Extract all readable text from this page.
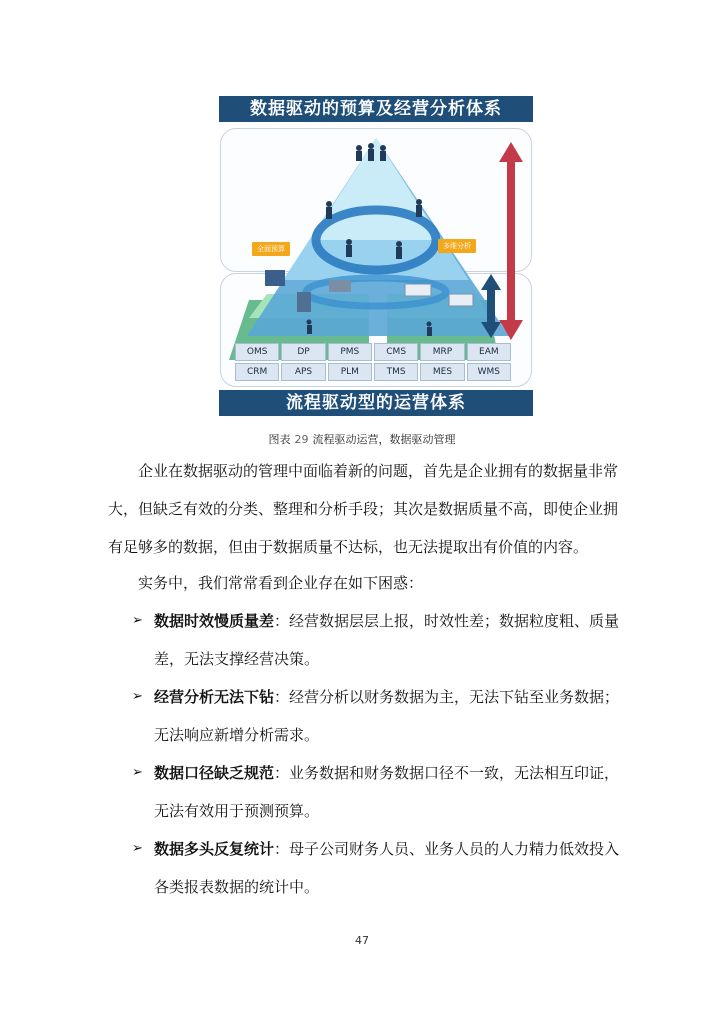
全面预算	多维分析
OMS	DP	PMS	CMS	MRP	EAM
CRM	APS	PLM	TMS	MES	WMS
数据驱动的预算及经营分析体系
流程驱动型的运营体系
图表 29 流程驱动运营，数据驱动管理
企业在数据驱动的管理中面临着新的问题，首先是企业拥有的数据量非常大，但缺乏有效的分类、整理和分析手段；其次是数据质量不高，即使企业拥有足够多的数据，但由于数据质量不达标，也无法提取出有价值的内容。
实务中，我们常常看到企业存在如下困惑：
➢ 数据时效慢质量差：经营数据层层上报，时效性差；数据粒度粗、质量差，无法支撑经营决策。
➢ 经营分析无法下钻：经营分析以财务数据为主，无法下钻至业务数据；无法响应新增分析需求。
➢ 数据口径缺乏规范：业务数据和财务数据口径不一致，无法相互印证，无法有效用于预测预算。
➢ 数据多头反复统计：母子公司财务人员、业务人员的人力精力低效投入各类报表数据的统计中。
47
